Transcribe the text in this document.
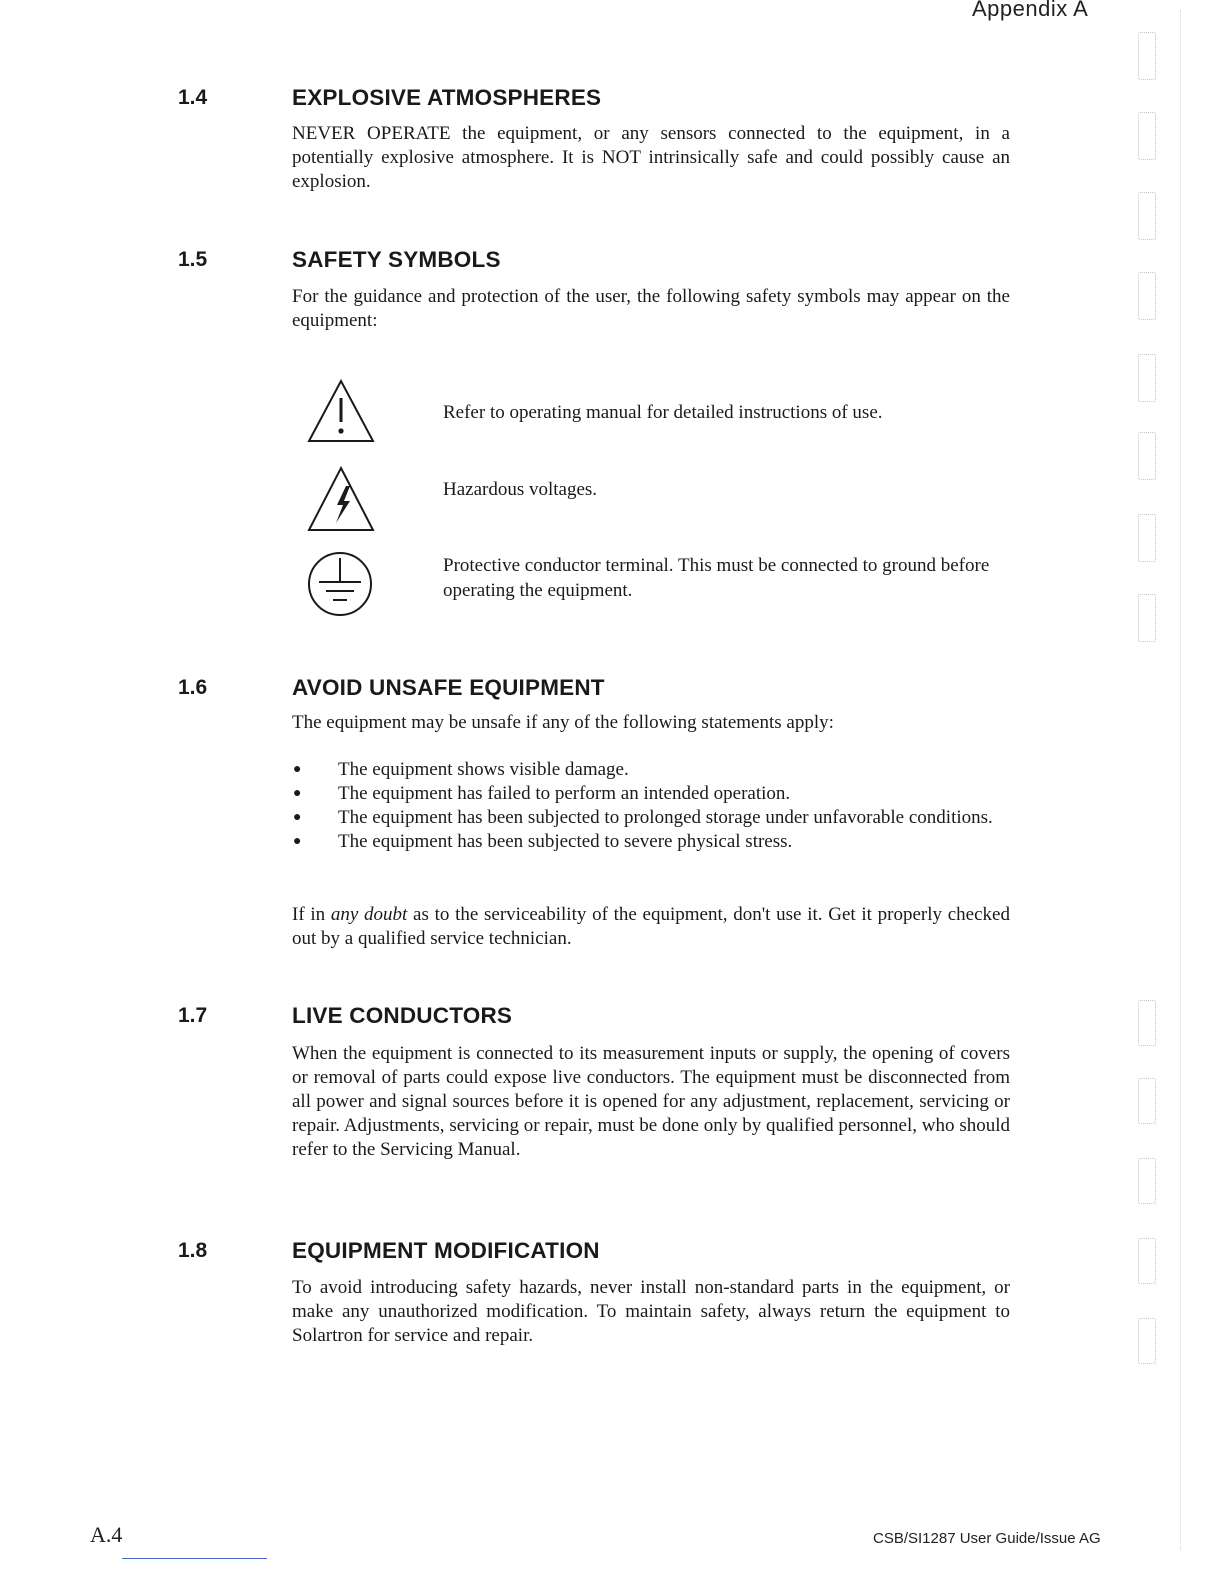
Appendix A
1.4	EXPLOSIVE ATMOSPHERES

NEVER OPERATE the equipment, or any sensors connected to the equipment, in a potentially explosive atmosphere. It is NOT intrinsically safe and could possibly cause an explosion.

1.5	SAFETY SYMBOLS

For the guidance and protection of the user, the following safety symbols may appear on the equipment:

Refer to operating manual for detailed instructions of use.
Hazardous voltages.
Protective conductor terminal. This must be connected to ground before operating the equipment.
1.6	AVOID UNSAFE EQUIPMENT

The equipment may be unsafe if any of the following statements apply:

● The equipment shows visible damage.
● The equipment has failed to perform an intended operation.
● The equipment has been subjected to prolonged storage under unfavorable conditions.
● The equipment has been subjected to severe physical stress.

If in any doubt as to the serviceability of the equipment, don't use it. Get it properly checked out by a qualified service technician.

1.7	LIVE CONDUCTORS

When the equipment is connected to its measurement inputs or supply, the opening of covers or removal of parts could expose live conductors. The equipment must be disconnected from all power and signal sources before it is opened for any adjustment, replacement, servicing or repair. Adjustments, servicing or repair, must be done only by qualified personnel, who should refer to the Servicing Manual.

1.8	EQUIPMENT MODIFICATION

To avoid introducing safety hazards, never install non-standard parts in the equipment, or make any unauthorized modification. To maintain safety, always return the equipment to Solartron for service and repair.

A.4	CSB/SI1287 User Guide/Issue AG
